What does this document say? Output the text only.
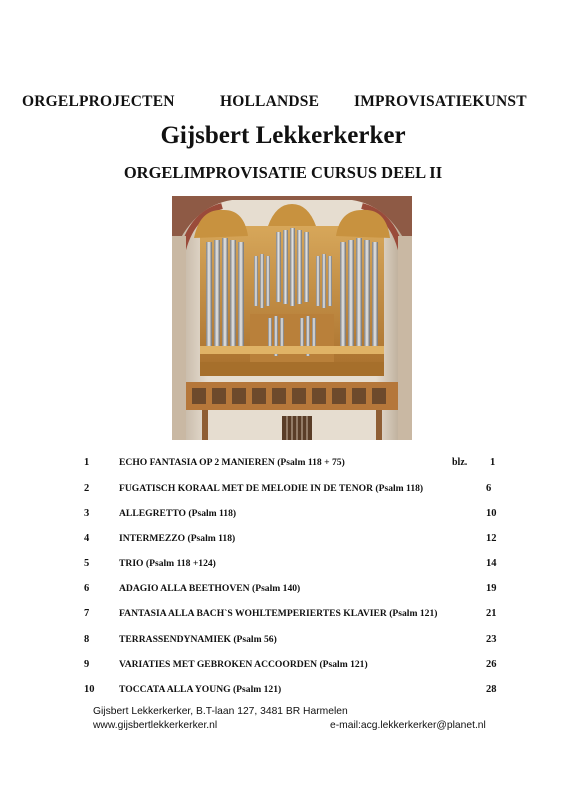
ORGELPROJECTEN	HOLLANDSE IMPROVISATIEKUNST
Gijsbert Lekkerkerker
ORGELIMPROVISATIE CURSUS DEEL II
1	ECHO FANTASIA OP 2 MANIEREN (Psalm 118 + 75)	blz. 1
2	FUGATISCH KORAAL MET DE MELODIE IN DE TENOR (Psalm 118)	6
3	ALLEGRETTO (Psalm 118)	10
4	INTERMEZZO (Psalm 118)	12
5	TRIO (Psalm 118 +124)	14
6	ADAGIO ALLA BEETHOVEN (Psalm 140)	19
7	FANTASIA ALLA BACH`S WOHLTEMPERIERTES KLAVIER (Psalm 121)	21
8	TERRASSENDYNAMIEK (Psalm 56)	23
9	VARIATIES MET GEBROKEN ACCOORDEN (Psalm 121)	26
10	TOCCATA ALLA YOUNG (Psalm 121)	28
Gijsbert Lekkerkerker, B.T-laan 127, 3481 BR Harmelen
www.gijsbertlekkerkerker.nl	e-mail:acg.lekkerkerker@planet.nl
